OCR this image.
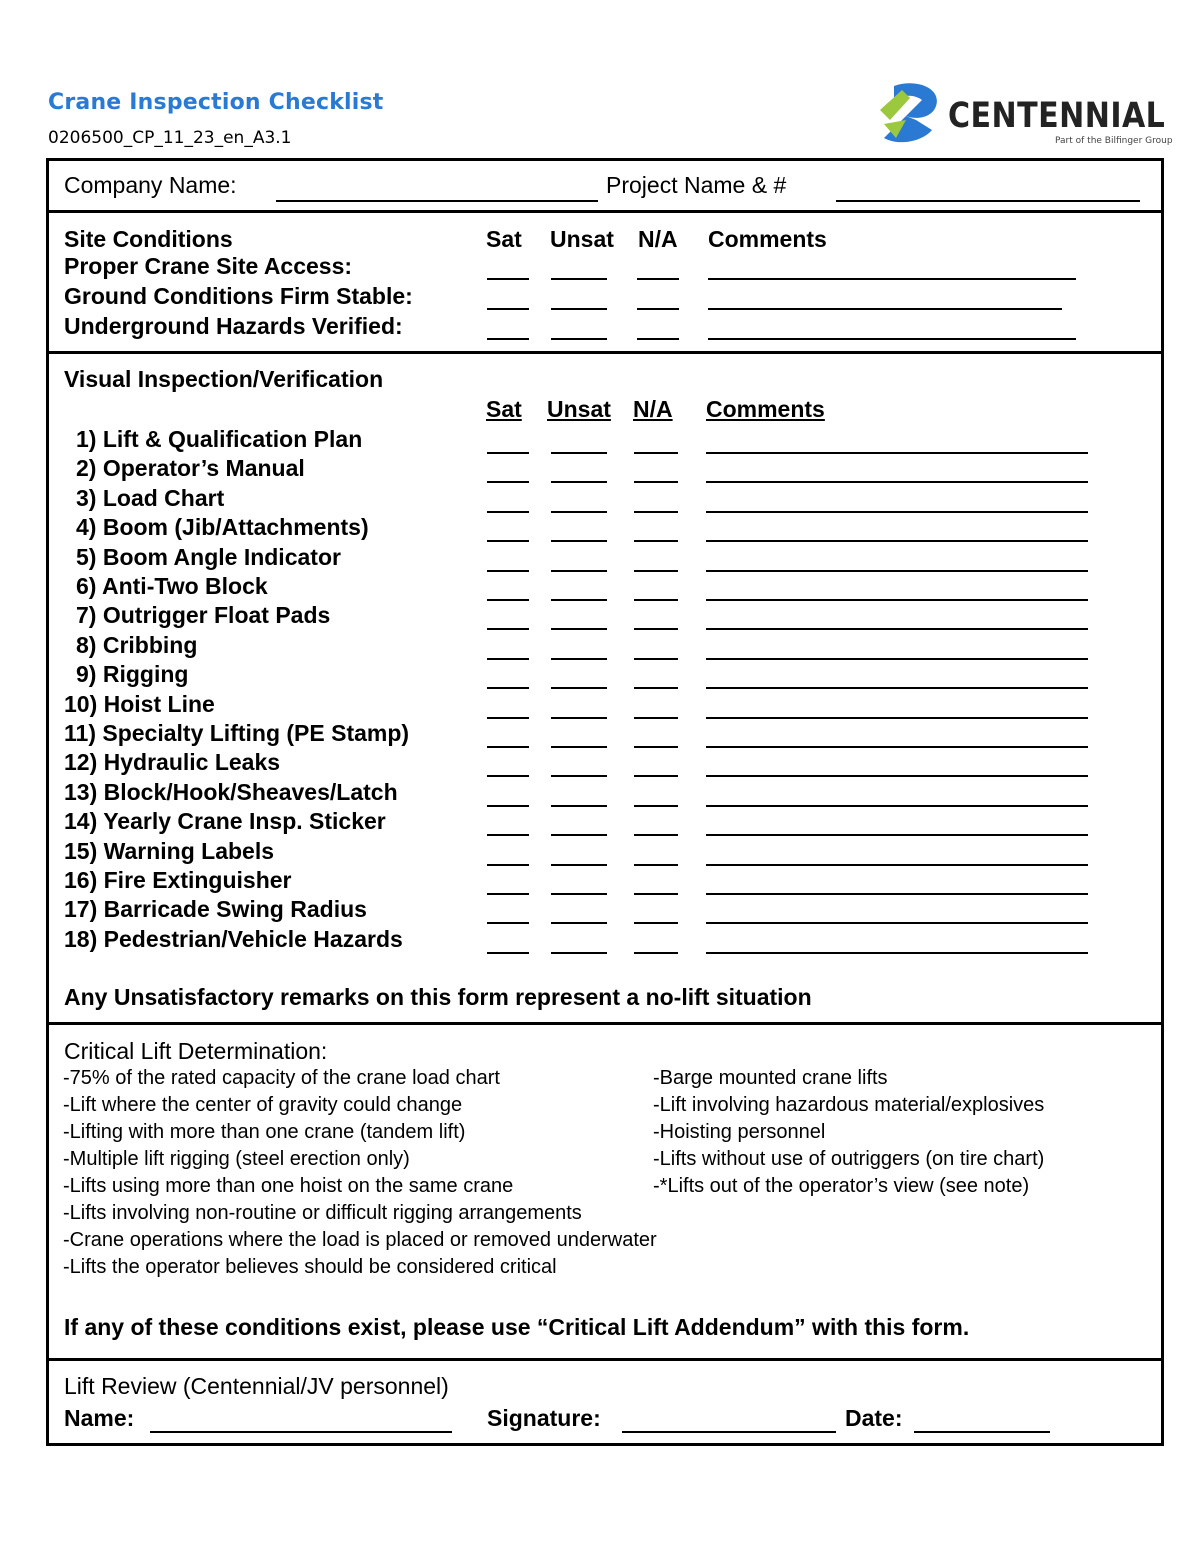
Crane Inspection Checklist
0206500_CP_11_23_en_A3.1
CENTENNIAL
Part of the Bilfinger Group
Company Name:	Project Name & #
Site Conditions	Sat Unsat N/A Comments
Proper Crane Site Access:
Ground Conditions Firm Stable:
Underground Hazards Verified:
Visual Inspection/Verification
Sat Unsat N/A Comments
1) Lift & Qualification Plan
2) Operator’s Manual
3) Load Chart
4) Boom (Jib/Attachments)
5) Boom Angle Indicator
6) Anti-Two Block
7) Outrigger Float Pads
8) Cribbing
9) Rigging
10) Hoist Line
11) Specialty Lifting (PE Stamp)
12) Hydraulic Leaks
13) Block/Hook/Sheaves/Latch
14) Yearly Crane Insp. Sticker
15) Warning Labels
16) Fire Extinguisher
17) Barricade Swing Radius
18) Pedestrian/Vehicle Hazards
Any Unsatisfactory remarks on this form represent a no-lift situation
Critical Lift Determination:
-75% of the rated capacity of the crane load chart
-Lift where the center of gravity could change
-Lifting with more than one crane (tandem lift)
-Multiple lift rigging (steel erection only)
-Lifts using more than one hoist on the same crane
-Lifts involving non-routine or difficult rigging arrangements
-Crane operations where the load is placed or removed underwater
-Lifts the operator believes should be considered critical
-Barge mounted crane lifts
-Lift involving hazardous material/explosives
-Hoisting personnel
-Lifts without use of outriggers (on tire chart)
-*Lifts out of the operator’s view (see note)
If any of these conditions exist, please use “Critical Lift Addendum” with this form.
Lift Review (Centennial/JV personnel)
Name:	Signature:	Date:
